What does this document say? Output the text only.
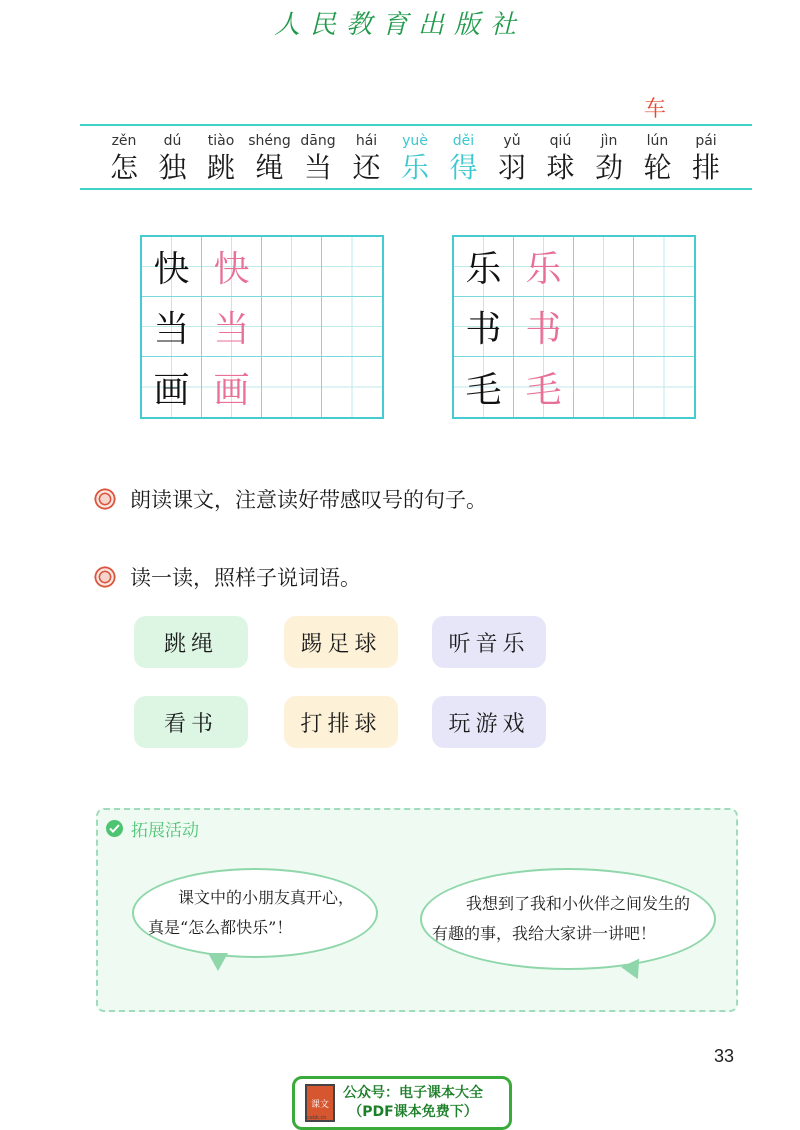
人民教育出版社
车
zěn
怎
dú
独
tiào
跳
shéng
绳
dāng
当
hái
还
yuè
乐
děi
得
yǔ
羽
qiú
球
jìn
劲
lún
轮
pái
排
快 快
当 当
画 画
乐 乐
书 书
毛 毛
朗读课文，注意读好带感叹号的句子。
读一读，照样子说词语。
跳绳	踢足球	听音乐
看书	打排球	玩游戏
拓展活动
课文中的小朋友真开心，
真是“怎么都快乐”！
我想到了我和小伙伴之间发生的
有趣的事，我给大家讲一讲吧！
33
课文
公众号：电子课本大全
（PDF课本免费下）
cebk.cn
